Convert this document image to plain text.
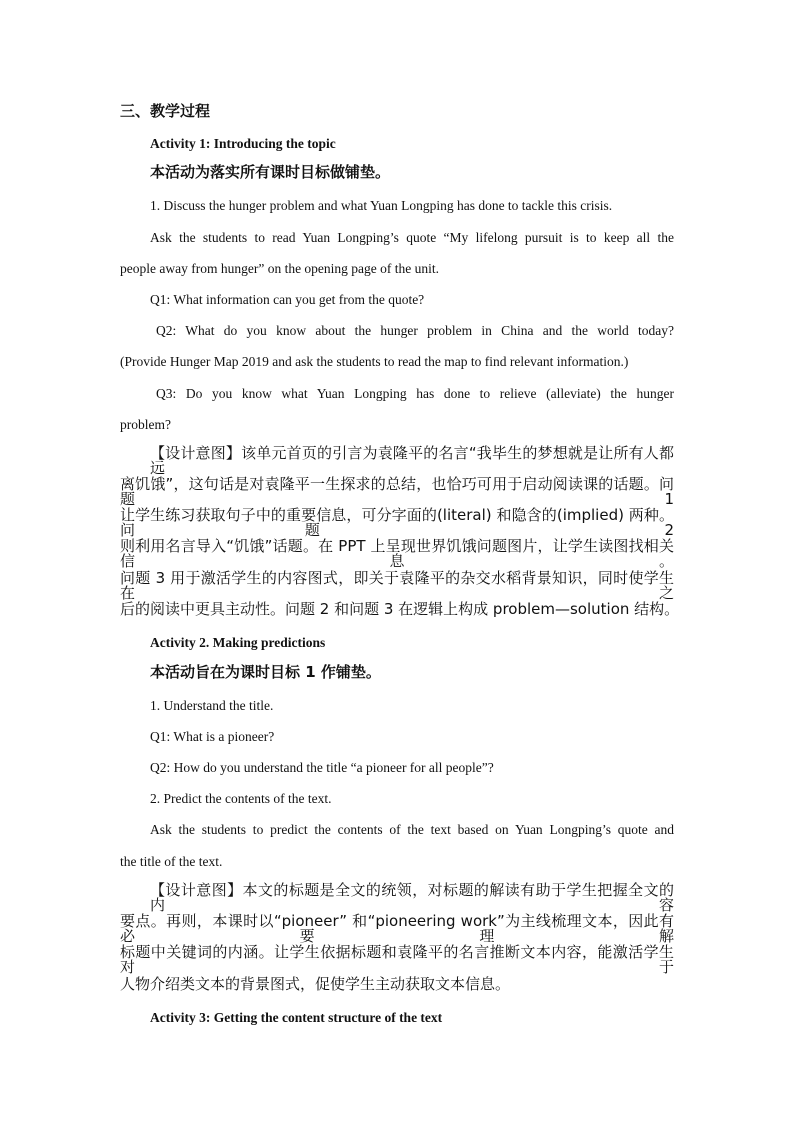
三、教学过程
Activity 1: Introducing the topic
本活动为落实所有课时目标做铺垫。
1. Discuss the hunger problem and what Yuan Longping has done to tackle this crisis.
Ask the students to read Yuan Longping’s quote “My lifelong pursuit is to keep all the
people away from hunger” on the opening page of the unit.
Q1: What information can you get from the quote?
Q2: What do you know about the hunger problem in China and the world today?
(Provide Hunger Map 2019 and ask the students to read the map to find relevant information.)
Q3: Do you know what Yuan Longping has done to relieve (alleviate) the hunger
problem?
【设计意图】该单元首页的引言为袁隆平的名言“我毕生的梦想就是让所有人都远
离饥饿”，这句话是对袁隆平一生探求的总结，也恰巧可用于启动阅读课的话题。问题 1
让学生练习获取句子中的重要信息，可分字面的(literal) 和隐含的(implied) 两种。问题 2
则利用名言导入“饥饿”话题。在 PPT 上呈现世界饥饿问题图片，让学生读图找相关信息。
问题 3 用于激活学生的内容图式，即关于袁隆平的杂交水稻背景知识，同时使学生在之
后的阅读中更具主动性。问题 2 和问题 3 在逻辑上构成 problem—solution 结构。
Activity 2. Making predictions
本活动旨在为课时目标 1 作铺垫。
1. Understand the title.
Q1: What is a pioneer?
Q2: How do you understand the title “a pioneer for all people”?
2. Predict the contents of the text.
Ask the students to predict the contents of the text based on Yuan Longping’s quote and
the title of the text.
【设计意图】本文的标题是全文的统领，对标题的解读有助于学生把握全文的内容
要点。再则，本课时以“pioneer” 和“pioneering work”为主线梳理文本，因此有必要理解
标题中关键词的内涵。让学生依据标题和袁隆平的名言推断文本内容，能激活学生对于
人物介绍类文本的背景图式，促使学生主动获取文本信息。
Activity 3: Getting the content structure of the text
